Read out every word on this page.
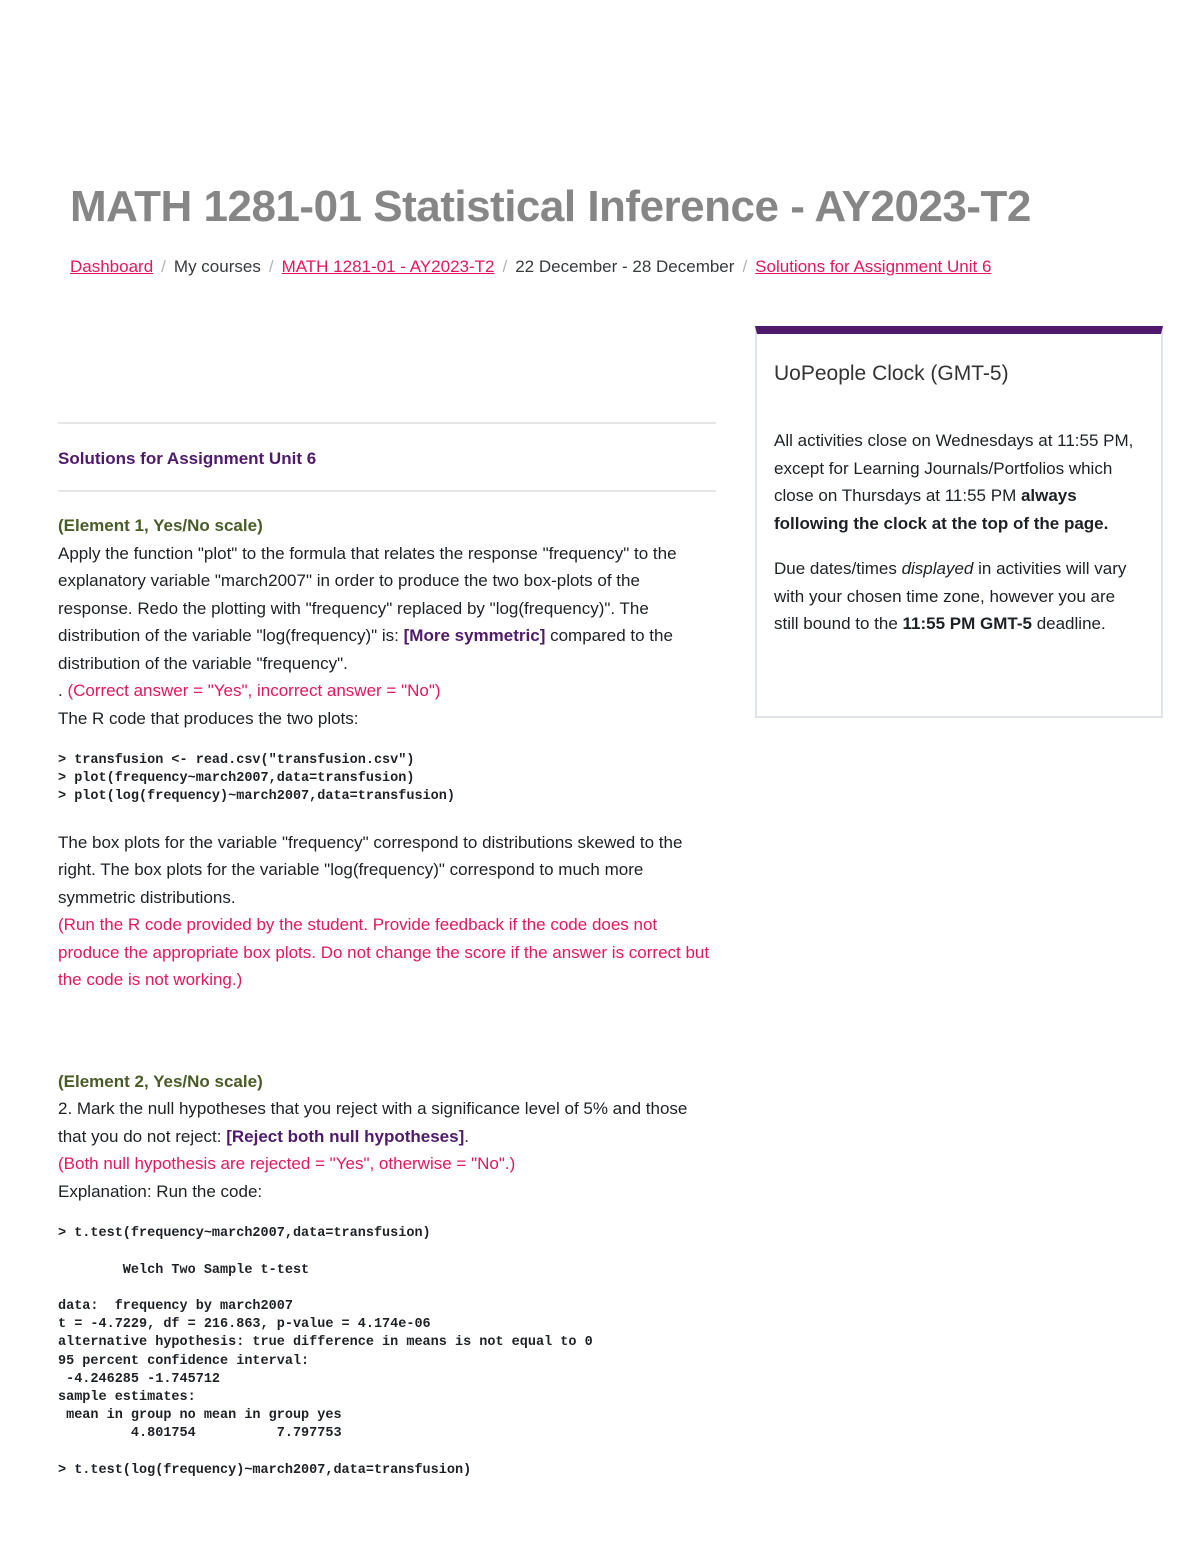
MATH 1281-01 Statistical Inference - AY2023-T2
Dashboard / My courses / MATH 1281-01 - AY2023-T2 / 22 December - 28 December / Solutions for Assignment Unit 6
Solutions for Assignment Unit 6

(Element 1, Yes/No scale)

Apply the function "plot" to the formula that relates the response "frequency" to the explanatory variable "march2007" in order to produce the two box-plots of the response. Redo the plotting with "frequency" replaced by "log(frequency)". The distribution of the variable "log(frequency)" is: [More symmetric] compared to the distribution of the variable "frequency".

. (Correct answer = "Yes", incorrect answer = "No")

The R code that produces the two plots:

> transfusion <- read.csv("transfusion.csv")
> plot(frequency~march2007,data=transfusion)
> plot(log(frequency)~march2007,data=transfusion)

The box plots for the variable "frequency" correspond to distributions skewed to the right. The box plots for the variable "log(frequency)" correspond to much more symmetric distributions.

(Run the R code provided by the student. Provide feedback if the code does not produce the appropriate box plots. Do not change the score if the answer is correct but the code is not working.)

(Element 2, Yes/No scale)

2. Mark the null hypotheses that you reject with a significance level of 5% and those that you do not reject: [Reject both null hypotheses].

(Both null hypothesis are rejected = "Yes", otherwise = "No".)

Explanation: Run the code:

> t.test(frequency~march2007,data=transfusion)

Welch Two Sample t-test

data:  frequency by march2007
t = -4.7229, df = 216.863, p-value = 4.174e-06
alternative hypothesis: true difference in means is not equal to 0
95 percent confidence interval:
-4.246285 -1.745712
sample estimates:
mean in group no mean in group yes
4.801754          7.797753

> t.test(log(frequency)~march2007,data=transfusion)
UoPeople Clock (GMT-5)

All activities close on Wednesdays at 11:55 PM, except for Learning Journals/Portfolios which close on Thursdays at 11:55 PM always following the clock at the top of the page.

Due dates/times displayed in activities will vary with your chosen time zone, however you are still bound to the 11:55 PM GMT-5 deadline.
